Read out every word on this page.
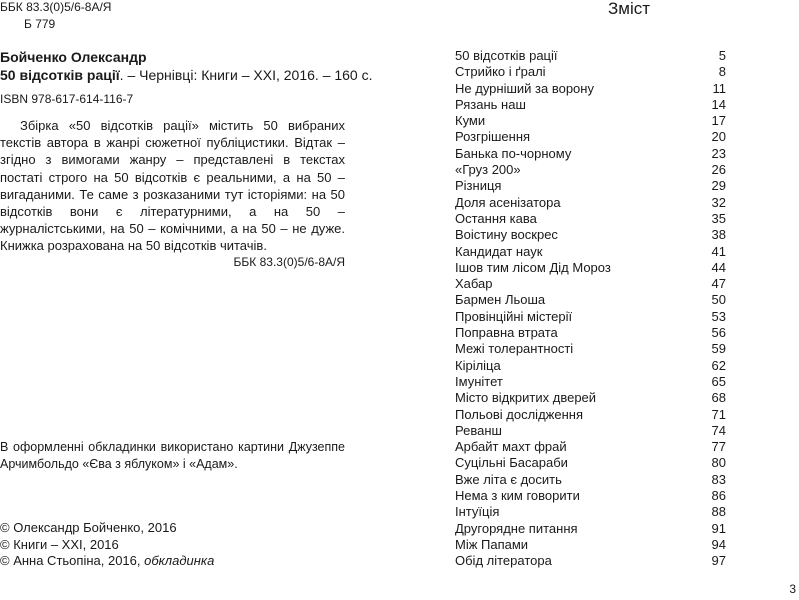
ББК 83.3(0)5/6-8А/Я
Б 779
Бойченко Олександр
50 відсотків рації. – Чернівці: Книги – XXI, 2016. – 160 с.
ISBN 978-617-614-116-7

Збірка «50 відсотків рації» містить 50 вибраних текстів автора в жанрі сюжетної публіцистики. Відтак – згідно з вимогами жанру – представлені в текстах постаті строго на 50 відсотків є реальними, а на 50 – вигаданими. Те саме з розказаними тут історіями: на 50 відсотків вони є літературними, а на 50 – журналістськими, на 50 – комічними, а на 50 – не дуже. Книжка розрахована на 50 відсотків читачів.

ББК 83.3(0)5/6-8А/Я

В оформленні обкладинки використано картини Джузеппе Арчимбольдо «Єва з яблуком» і «Адам».

© Олександр Бойченко, 2016
© Книги – XXI, 2016
© Анна Стьопіна, 2016, обкладинка
Зміст
50 відсотків рації	5
Стрийко і ґралі	8
Не дурніший за ворону	11
Рязань наш	14
Куми	17
Розгрішення	20
Банька по-чорному	23
«Груз 200»	26
Різниця	29
Доля асенізатора	32
Остання кава	35
Воістину воскрес	38
Кандидат наук	41
Ішов тим лісом Дід Мороз	44
Хабар	47
Бармен Льоша	50
Провінційні містерії	53
Поправна втрата	56
Межі толерантності	59
Кіріліца	62
Імунітет	65
Місто відкритих дверей	68
Польові дослідження	71
Реванш	74
Арбайт махт фрай	77
Суцільні Басараби	80
Вже літа є досить	83
Нема з ким говорити	86
Інтуїція	88
Другорядне питання	91
Між Папами	94
Обід літератора	97
3
